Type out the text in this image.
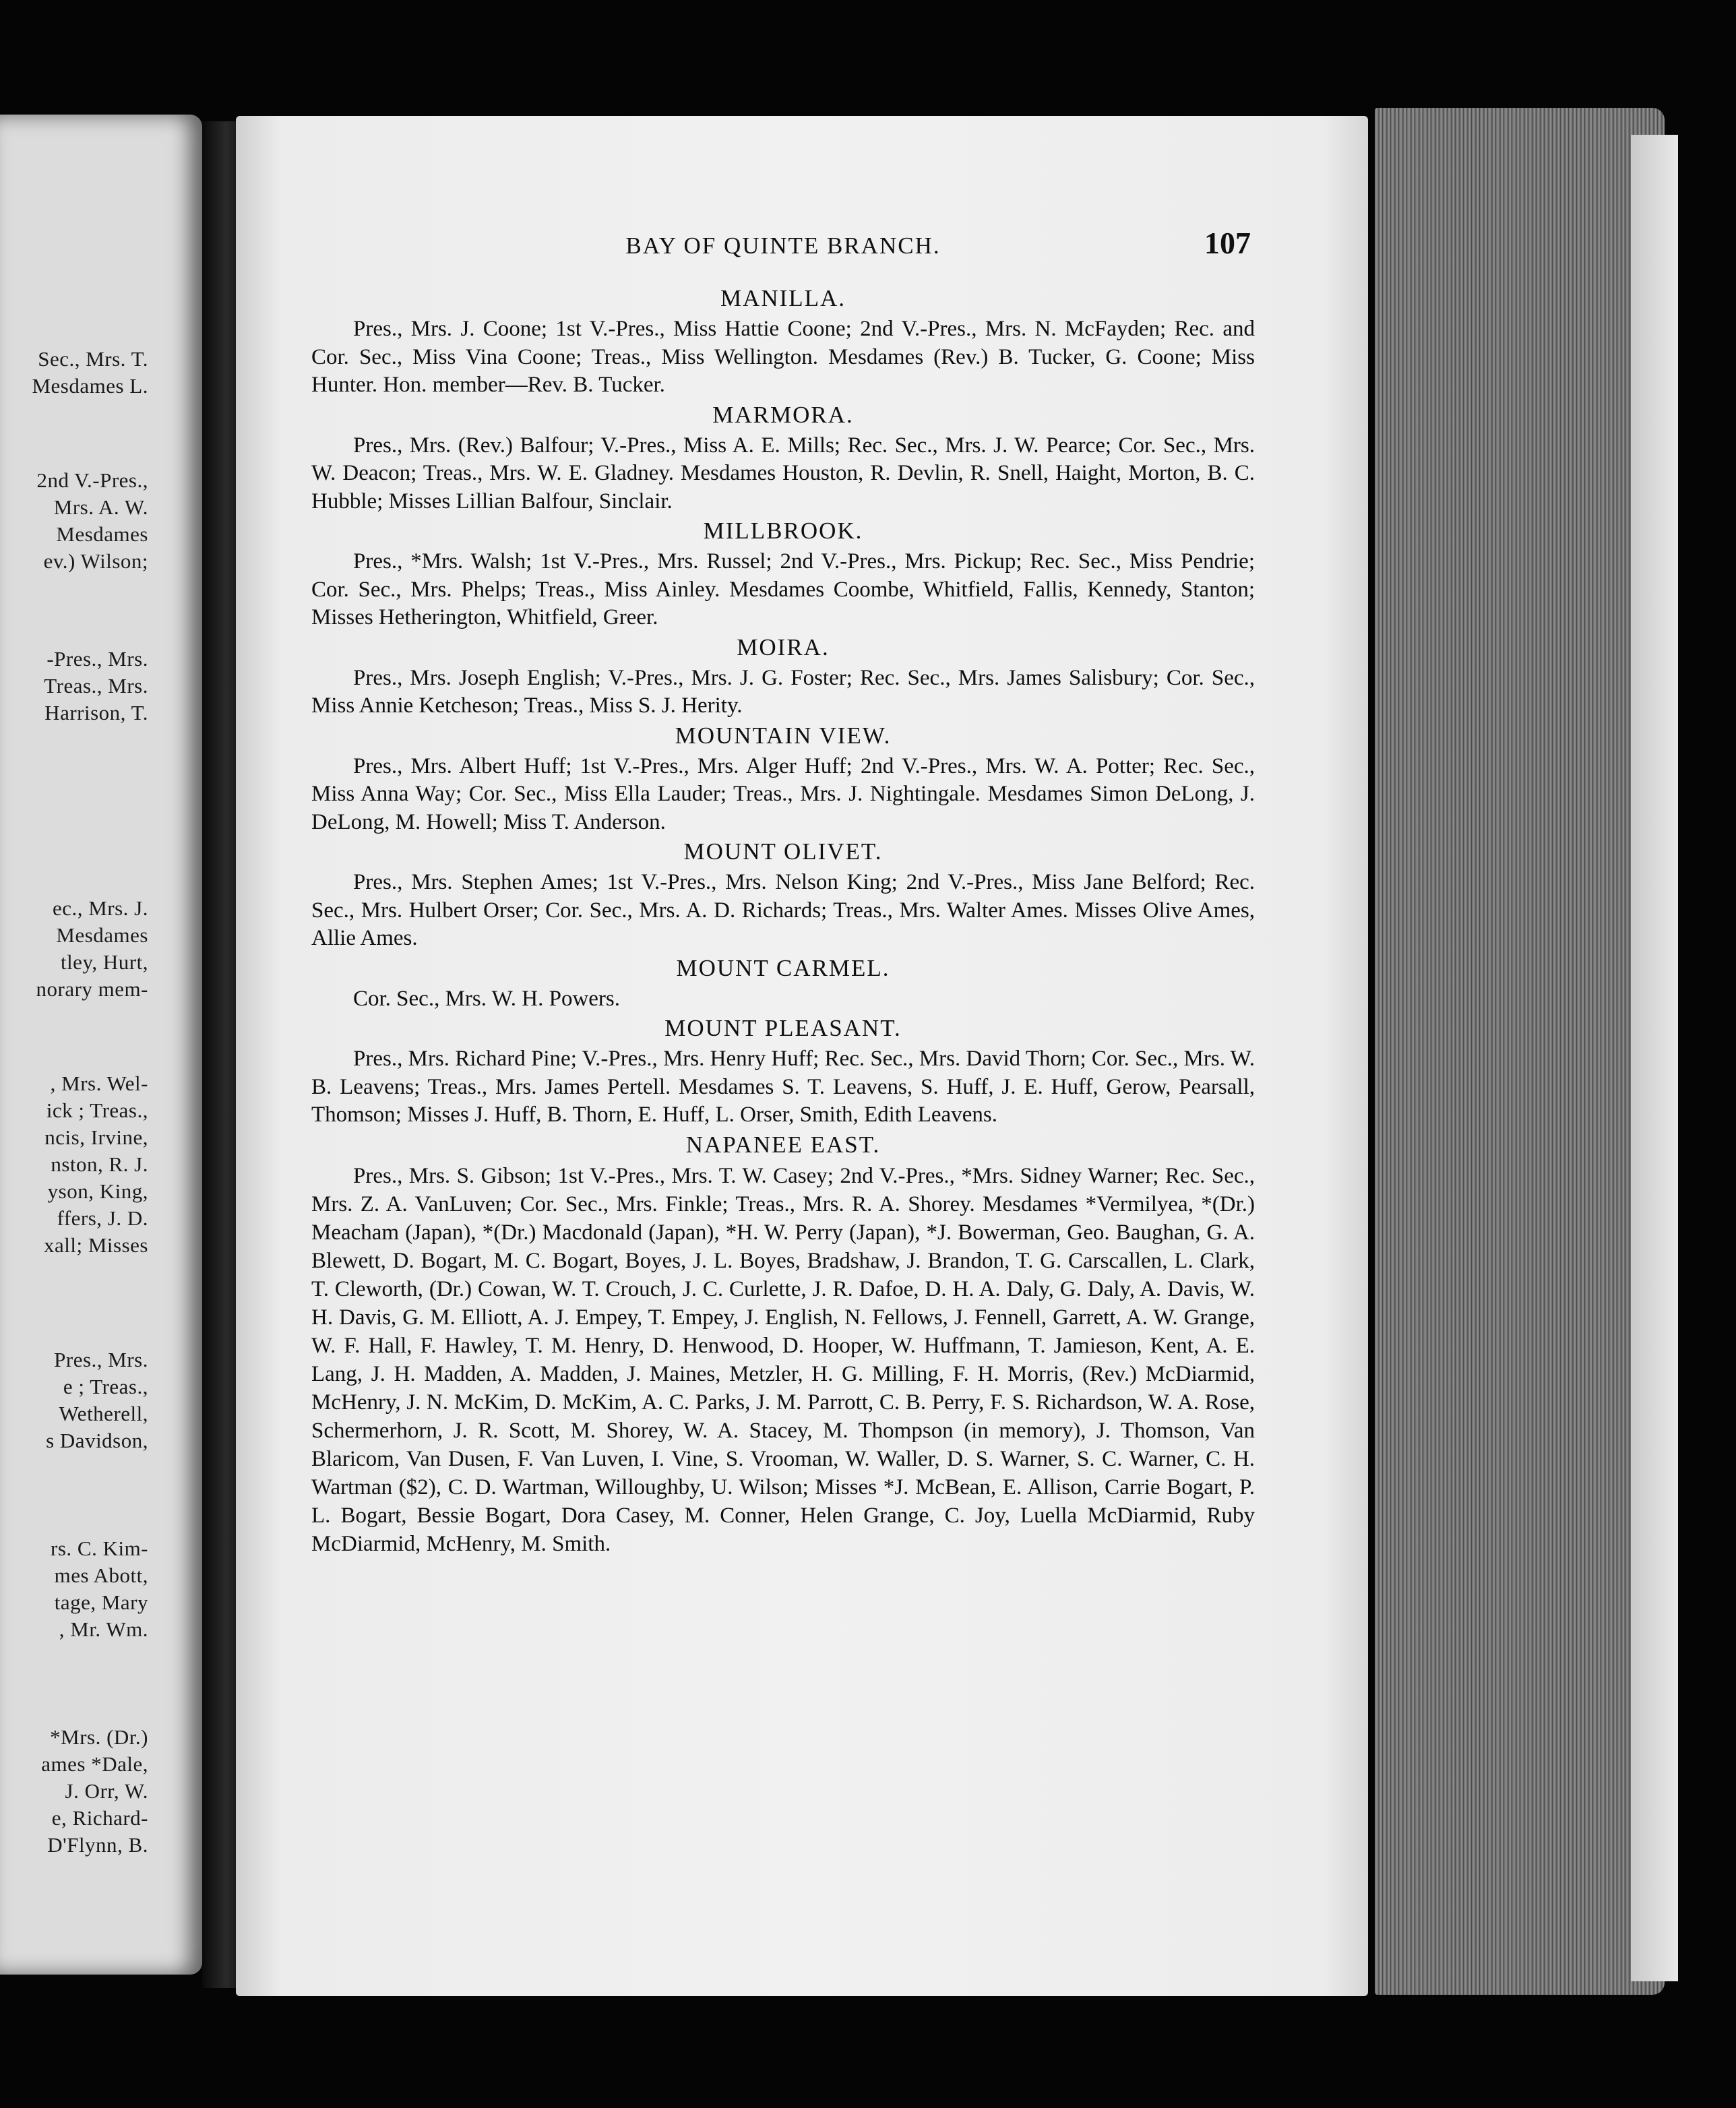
Sec., Mrs. T.
Mesdames L.
2nd V.-Pres.,
Mrs. A. W.
Mesdames
ev.) Wilson;
-Pres., Mrs.
Treas., Mrs.
Harrison, T.
ec., Mrs. J.
Mesdames
tley, Hurt,
norary mem-
, Mrs. Wel-
ick ; Treas.,
ncis, Irvine,
nston, R. J.
yson, King,
ffers, J. D.
xall; Misses
Pres., Mrs.
e ; Treas.,
Wetherell,
s Davidson,
rs. C. Kim-
mes Abott,
tage, Mary
, Mr. Wm.
*Mrs. (Dr.)
ames *Dale,
J. Orr, W.
e, Richard-
D'Flynn, B.
BAY OF QUINTE BRANCH.	107
MANILLA.

Pres., Mrs. J. Coone; 1st V.-Pres., Miss Hattie Coone; 2nd V.-Pres., Mrs. N. McFayden; Rec. and Cor. Sec., Miss Vina Coone; Treas., Miss Wellington. Mesdames (Rev.) B. Tucker, G. Coone; Miss Hunter. Hon. member—Rev. B. Tucker.

MARMORA.

Pres., Mrs. (Rev.) Balfour; V.-Pres., Miss A. E. Mills; Rec. Sec., Mrs. J. W. Pearce; Cor. Sec., Mrs. W. Deacon; Treas., Mrs. W. E. Gladney. Mesdames Houston, R. Devlin, R. Snell, Haight, Morton, B. C. Hubble; Misses Lillian Balfour, Sinclair.

MILLBROOK.

Pres., *Mrs. Walsh; 1st V.-Pres., Mrs. Russel; 2nd V.-Pres., Mrs. Pickup; Rec. Sec., Miss Pendrie; Cor. Sec., Mrs. Phelps; Treas., Miss Ainley. Mesdames Coombe, Whitfield, Fallis, Kennedy, Stanton; Misses Hetherington, Whitfield, Greer.

MOIRA.

Pres., Mrs. Joseph English; V.-Pres., Mrs. J. G. Foster; Rec. Sec., Mrs. James Salisbury; Cor. Sec., Miss Annie Ketcheson; Treas., Miss S. J. Herity.

MOUNTAIN VIEW.

Pres., Mrs. Albert Huff; 1st V.-Pres., Mrs. Alger Huff; 2nd V.-Pres., Mrs. W. A. Potter; Rec. Sec., Miss Anna Way; Cor. Sec., Miss Ella Lauder; Treas., Mrs. J. Nightingale. Mesdames Simon DeLong, J. DeLong, M. Howell; Miss T. Anderson.

MOUNT OLIVET.

Pres., Mrs. Stephen Ames; 1st V.-Pres., Mrs. Nelson King; 2nd V.-Pres., Miss Jane Belford; Rec. Sec., Mrs. Hulbert Orser; Cor. Sec., Mrs. A. D. Richards; Treas., Mrs. Walter Ames. Misses Olive Ames, Allie Ames.

MOUNT CARMEL.

Cor. Sec., Mrs. W. H. Powers.

MOUNT PLEASANT.

Pres., Mrs. Richard Pine; V.-Pres., Mrs. Henry Huff; Rec. Sec., Mrs. David Thorn; Cor. Sec., Mrs. W. B. Leavens; Treas., Mrs. James Pertell. Mesdames S. T. Leavens, S. Huff, J. E. Huff, Gerow, Pearsall, Thomson; Misses J. Huff, B. Thorn, E. Huff, L. Orser, Smith, Edith Leavens.

NAPANEE EAST.

Pres., Mrs. S. Gibson; 1st V.-Pres., Mrs. T. W. Casey; 2nd V.-Pres., *Mrs. Sidney Warner; Rec. Sec., Mrs. Z. A. VanLuven; Cor. Sec., Mrs. Finkle; Treas., Mrs. R. A. Shorey. Mesdames *Vermilyea, *(Dr.) Meacham (Japan), *(Dr.) Macdonald (Japan), *H. W. Perry (Japan), *J. Bowerman, Geo. Baughan, G. A. Blewett, D. Bogart, M. C. Bogart, Boyes, J. L. Boyes, Bradshaw, J. Brandon, T. G. Carscallen, L. Clark, T. Cleworth, (Dr.) Cowan, W. T. Crouch, J. C. Curlette, J. R. Dafoe, D. H. A. Daly, G. Daly, A. Davis, W. H. Davis, G. M. Elliott, A. J. Empey, T. Empey, J. English, N. Fellows, J. Fennell, Garrett, A. W. Grange, W. F. Hall, F. Hawley, T. M. Henry, D. Henwood, D. Hooper, W. Huffmann, T. Jamieson, Kent, A. E. Lang, J. H. Madden, A. Madden, J. Maines, Metzler, H. G. Milling, F. H. Morris, (Rev.) McDiarmid, McHenry, J. N. McKim, D. McKim, A. C. Parks, J. M. Parrott, C. B. Perry, F. S. Richardson, W. A. Rose, Schermerhorn, J. R. Scott, M. Shorey, W. A. Stacey, M. Thompson (in memory), J. Thomson, Van Blaricom, Van Dusen, F. Van Luven, I. Vine, S. Vrooman, W. Waller, D. S. Warner, S. C. Warner, C. H. Wartman ($2), C. D. Wartman, Willoughby, U. Wilson; Misses *J. McBean, E. Allison, Carrie Bogart, P. L. Bogart, Bessie Bogart, Dora Casey, M. Conner, Helen Grange, C. Joy, Luella McDiarmid, Ruby McDiarmid, McHenry, M. Smith.
